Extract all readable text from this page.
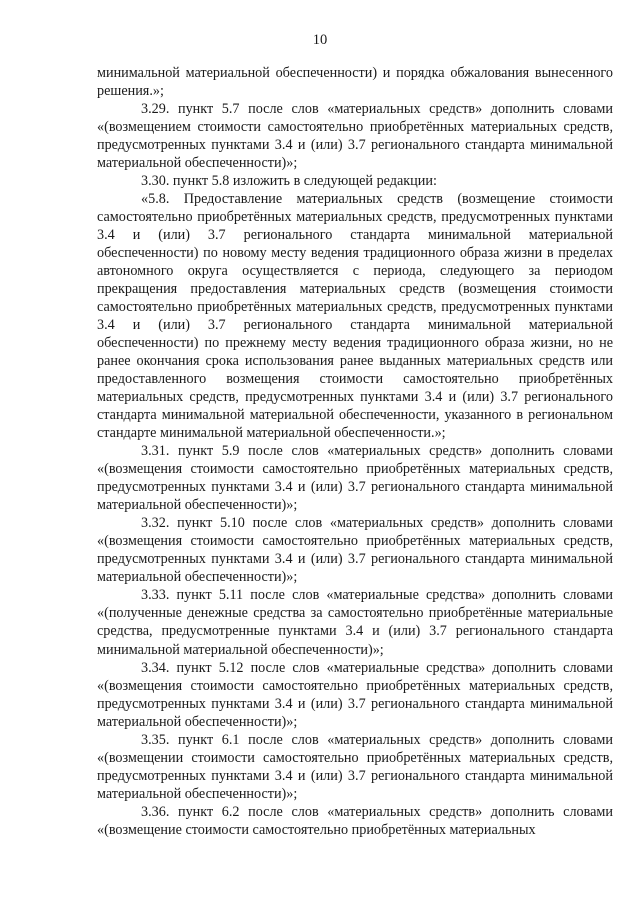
10

минимальной материальной обеспеченности) и порядка обжалования вынесенного решения.»;

3.29. пункт 5.7 после слов «материальных средств» дополнить словами «(возмещением стоимости самостоятельно приобретённых материальных средств, предусмотренных пунктами 3.4 и (или) 3.7 регионального стандарта минимальной материальной обеспеченности)»;

3.30. пункт 5.8 изложить в следующей редакции:

«5.8. Предоставление материальных средств (возмещение стоимости самостоятельно приобретённых материальных средств, предусмотренных пунктами 3.4 и (или) 3.7 регионального стандарта минимальной материальной обеспеченности) по новому месту ведения традиционного образа жизни в пределах автономного округа осуществляется с периода, следующего за периодом прекращения предоставления материальных средств (возмещения стоимости самостоятельно приобретённых материальных средств, предусмотренных пунктами 3.4 и (или) 3.7 регионального стандарта минимальной материальной обеспеченности) по прежнему месту ведения традиционного образа жизни, но не ранее окончания срока использования ранее выданных материальных средств или предоставленного возмещения стоимости самостоятельно приобретённых материальных средств, предусмотренных пунктами 3.4 и (или) 3.7 регионального стандарта минимальной материальной обеспеченности, указанного в региональном стандарте минимальной материальной обеспеченности.»;

3.31. пункт 5.9 после слов «материальных средств» дополнить словами «(возмещения стоимости самостоятельно приобретённых материальных средств, предусмотренных пунктами 3.4 и (или) 3.7 регионального стандарта минимальной материальной обеспеченности)»;

3.32. пункт 5.10 после слов «материальных средств» дополнить словами «(возмещения стоимости самостоятельно приобретённых материальных средств, предусмотренных пунктами 3.4 и (или) 3.7 регионального стандарта минимальной материальной обеспеченности)»;

3.33. пункт 5.11 после слов «материальные средства» дополнить словами «(полученные денежные средства за самостоятельно приобретённые материальные средства, предусмотренные пунктами 3.4 и (или) 3.7 регионального стандарта минимальной материальной обеспеченности)»;

3.34. пункт 5.12 после слов «материальные средства» дополнить словами «(возмещения стоимости самостоятельно приобретённых материальных средств, предусмотренных пунктами 3.4 и (или) 3.7 регионального стандарта минимальной материальной обеспеченности)»;

3.35. пункт 6.1 после слов «материальных средств» дополнить словами «(возмещении стоимости самостоятельно приобретённых материальных средств, предусмотренных пунктами 3.4 и (или) 3.7 регионального стандарта минимальной материальной обеспеченности)»;

3.36. пункт 6.2 после слов «материальных средств» дополнить словами «(возмещение стоимости самостоятельно приобретённых материальных
